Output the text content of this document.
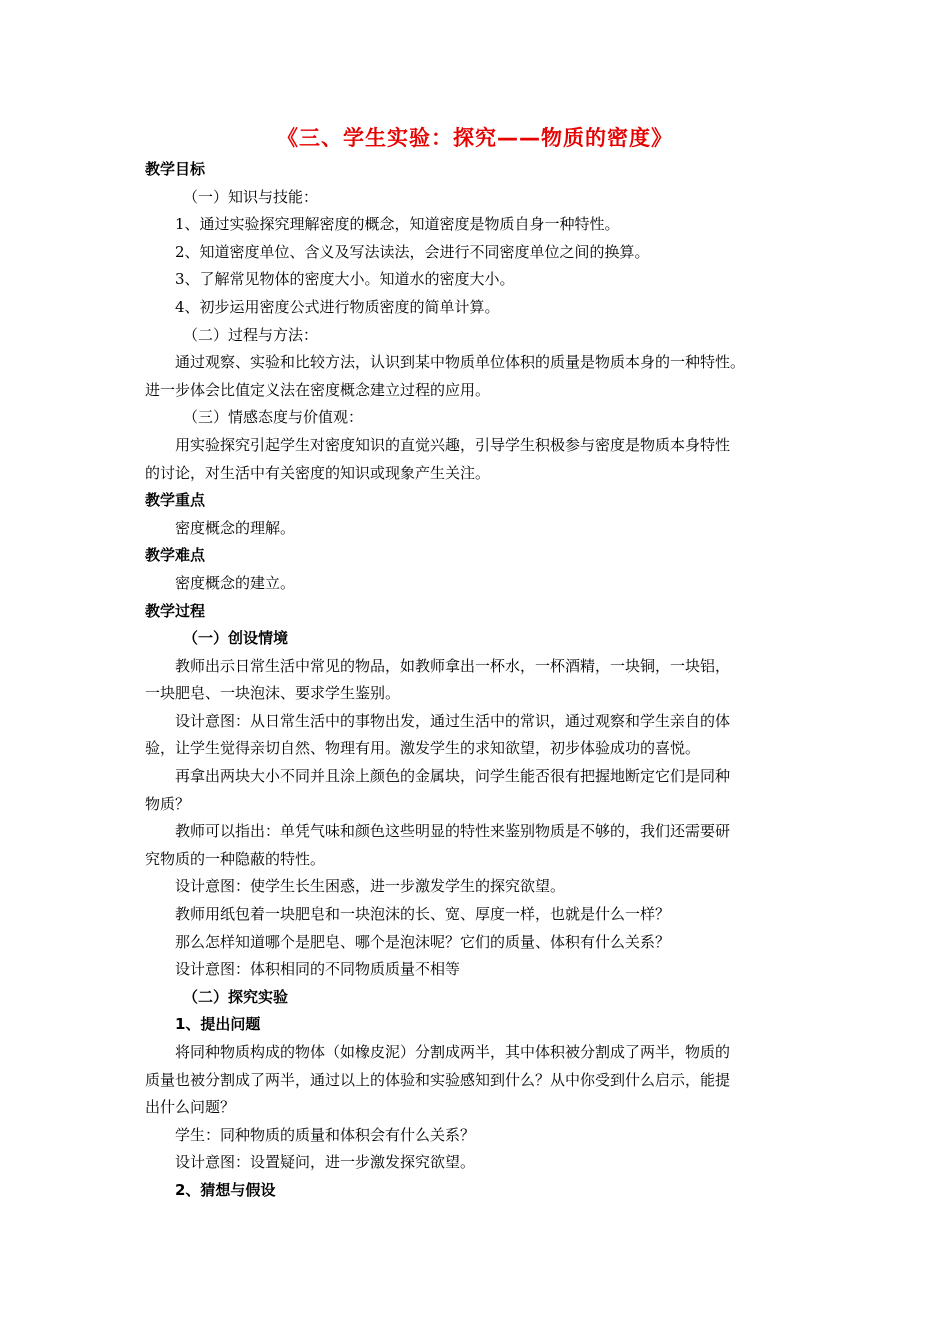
《三、学生实验：探究——物质的密度》
教学目标
（一）知识与技能：
1、通过实验探究理解密度的概念，知道密度是物质自身一种特性。
2、知道密度单位、含义及写法读法，会进行不同密度单位之间的换算。
3、了解常见物体的密度大小。知道水的密度大小。
4、初步运用密度公式进行物质密度的简单计算。
（二）过程与方法：
通过观察、实验和比较方法，认识到某中物质单位体积的质量是物质本身的一种特性。
进一步体会比值定义法在密度概念建立过程的应用。
（三）情感态度与价值观：
用实验探究引起学生对密度知识的直觉兴趣，引导学生积极参与密度是物质本身特性
的讨论，对生活中有关密度的知识或现象产生关注。
教学重点
密度概念的理解。
教学难点
密度概念的建立。
教学过程
（一）创设情境
教师出示日常生活中常见的物品，如教师拿出一杯水，一杯酒精，一块铜，一块铝，
一块肥皂、一块泡沫、要求学生鉴别。
设计意图：从日常生活中的事物出发，通过生活中的常识，通过观察和学生亲自的体
验，让学生觉得亲切自然、物理有用。激发学生的求知欲望，初步体验成功的喜悦。
再拿出两块大小不同并且涂上颜色的金属块，问学生能否很有把握地断定它们是同种
物质？
教师可以指出：单凭气味和颜色这些明显的特性来鉴别物质是不够的，我们还需要研
究物质的一种隐蔽的特性。
设计意图：使学生长生困惑，进一步激发学生的探究欲望。
教师用纸包着一块肥皂和一块泡沫的长、宽、厚度一样，也就是什么一样？
那么怎样知道哪个是肥皂、哪个是泡沫呢？它们的质量、体积有什么关系？
设计意图：体积相同的不同物质质量不相等
（二）探究实验
1、提出问题
将同种物质构成的物体（如橡皮泥）分割成两半，其中体积被分割成了两半，物质的
质量也被分割成了两半，通过以上的体验和实验感知到什么？从中你受到什么启示，能提
出什么问题？
学生：同种物质的质量和体积会有什么关系？
设计意图：设置疑问，进一步激发探究欲望。
2、猜想与假设
